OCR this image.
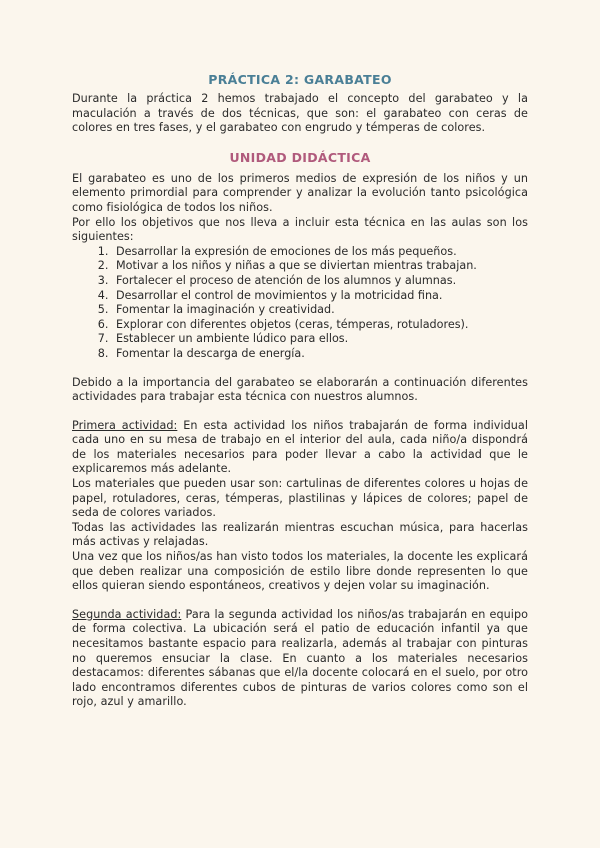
PRÁCTICA 2: GARABATEO

Durante la práctica 2 hemos trabajado el concepto del garabateo y la maculación a través de dos técnicas, que son: el garabateo con ceras de colores en tres fases, y el garabateo con engrudo y témperas de colores.

UNIDAD DIDÁCTICA

El garabateo es uno de los primeros medios de expresión de los niños y un elemento primordial para comprender y analizar la evolución tanto psicológica como fisiológica de todos los niños.

Por ello los objetivos que nos lleva a incluir esta técnica en las aulas son los siguientes:

1. Desarrollar la expresión de emociones de los más pequeños.
2. Motivar a los niños y niñas a que se diviertan mientras trabajan.
3. Fortalecer el proceso de atención de los alumnos y alumnas.
4. Desarrollar el control de movimientos y la motricidad fina.
5. Fomentar la imaginación y creatividad.
6. Explorar con diferentes objetos (ceras, témperas, rotuladores).
7. Establecer un ambiente lúdico para ellos.
8. Fomentar la descarga de energía.

Debido a la importancia del garabateo se elaborarán a continuación diferentes actividades para trabajar esta técnica con nuestros alumnos.

Primera actividad: En esta actividad los niños trabajarán de forma individual cada uno en su mesa de trabajo en el interior del aula, cada niño/a dispondrá de los materiales necesarios para poder llevar a cabo la actividad que le explicaremos más adelante.

Los materiales que pueden usar son: cartulinas de diferentes colores u hojas de papel, rotuladores, ceras, témperas, plastilinas y lápices de colores; papel de seda de colores variados.

Todas las actividades las realizarán mientras escuchan música, para hacerlas más activas y relajadas.

Una vez que los niños/as han visto todos los materiales, la docente les explicará que deben realizar una composición de estilo libre donde representen lo que ellos quieran siendo espontáneos, creativos y dejen volar su imaginación.

Segunda actividad: Para la segunda actividad los niños/as trabajarán en equipo de forma colectiva. La ubicación será el patio de educación infantil ya que necesitamos bastante espacio para realizarla, además al trabajar con pinturas no queremos ensuciar la clase. En cuanto a los materiales necesarios destacamos: diferentes sábanas que el/la docente colocará en el suelo, por otro lado encontramos diferentes cubos de pinturas de varios colores como son el rojo, azul y amarillo.
